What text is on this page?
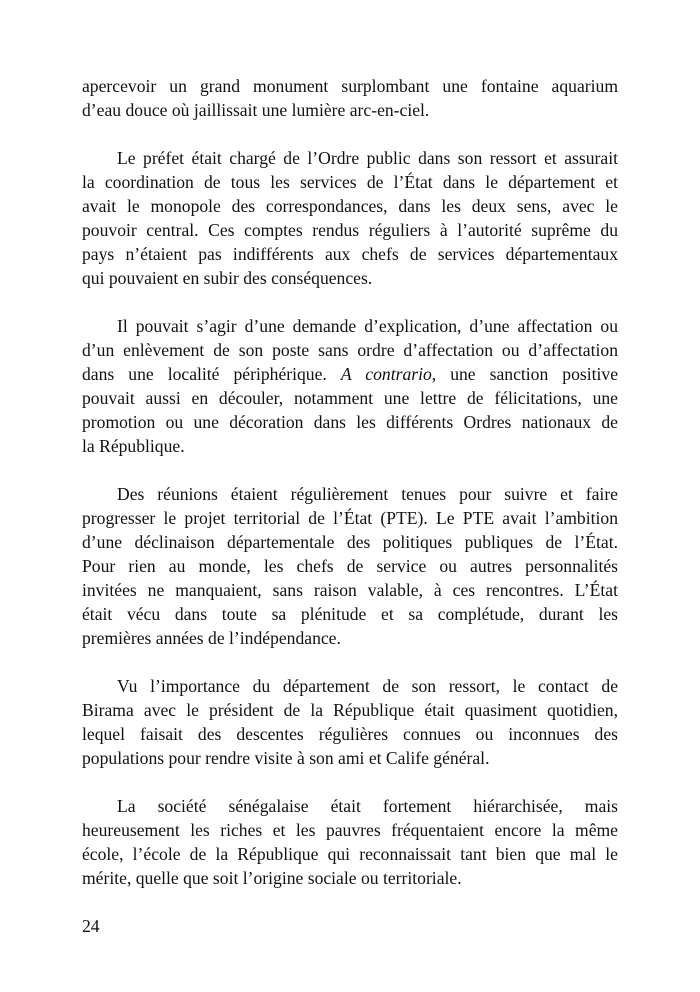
apercevoir un grand monument surplombant une fontaine aquarium
d’eau douce où jaillissait une lumière arc-en-ciel.
Le préfet était chargé de l’Ordre public dans son ressort et assurait
la coordination de tous les services de l’État dans le département et
avait le monopole des correspondances, dans les deux sens, avec le
pouvoir central. Ces comptes rendus réguliers à l’autorité suprême du
pays n’étaient pas indifférents aux chefs de services départementaux
qui pouvaient en subir des conséquences.
Il pouvait s’agir d’une demande d’explication, d’une affectation ou
d’un enlèvement de son poste sans ordre d’affectation ou d’affectation
dans une localité périphérique. A contrario, une sanction positive
pouvait aussi en découler, notamment une lettre de félicitations, une
promotion ou une décoration dans les différents Ordres nationaux de
la République.
Des réunions étaient régulièrement tenues pour suivre et faire
progresser le projet territorial de l’État (PTE). Le PTE avait l’ambition
d’une déclinaison départementale des politiques publiques de l’État.
Pour rien au monde, les chefs de service ou autres personnalités
invitées ne manquaient, sans raison valable, à ces rencontres. L’État
était vécu dans toute sa plénitude et sa complétude, durant les
premières années de l’indépendance.
Vu l’importance du département de son ressort, le contact de
Birama avec le président de la République était quasiment quotidien,
lequel faisait des descentes régulières connues ou inconnues des
populations pour rendre visite à son ami et Calife général.
La société sénégalaise était fortement hiérarchisée, mais
heureusement les riches et les pauvres fréquentaient encore la même
école, l’école de la République qui reconnaissait tant bien que mal le
mérite, quelle que soit l’origine sociale ou territoriale.
24
